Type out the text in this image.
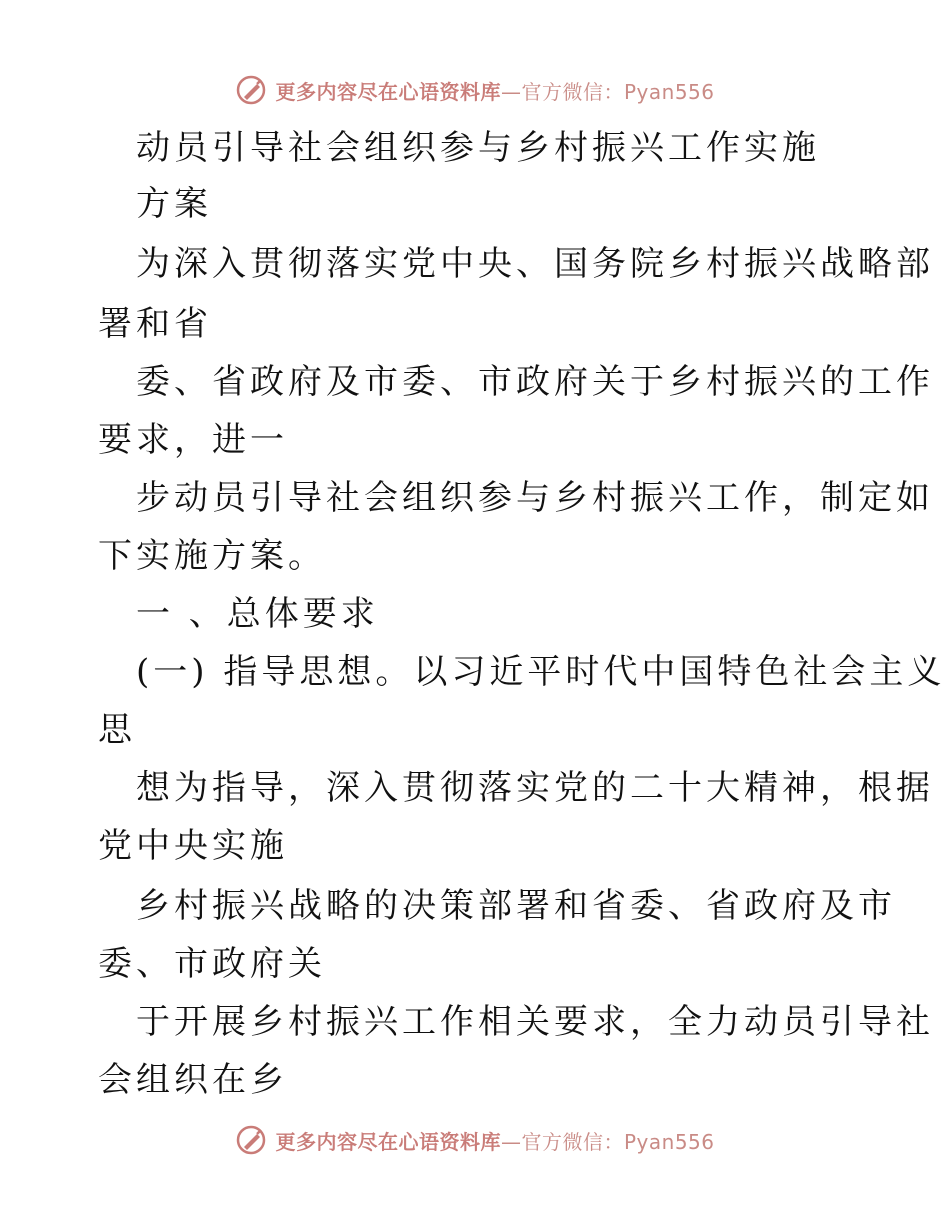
更多内容尽在心语资料库—官方微信：Pyan556
动员引导社会组织参与乡村振兴工作实施
方案
为深入贯彻落实党中央、国务院乡村振兴战略部
署和省
委、省政府及市委、市政府关于乡村振兴的工作
要求，进一
步动员引导社会组织参与乡村振兴工作，制定如
下实施方案。
一 、总体要求
(一) 指导思想。以习近平时代中国特色社会主义
思
想为指导，深入贯彻落实党的二十大精神，根据
党中央实施
乡村振兴战略的决策部署和省委、省政府及市
委、市政府关
于开展乡村振兴工作相关要求，全力动员引导社
会组织在乡
更多内容尽在心语资料库—官方微信：Pyan556
